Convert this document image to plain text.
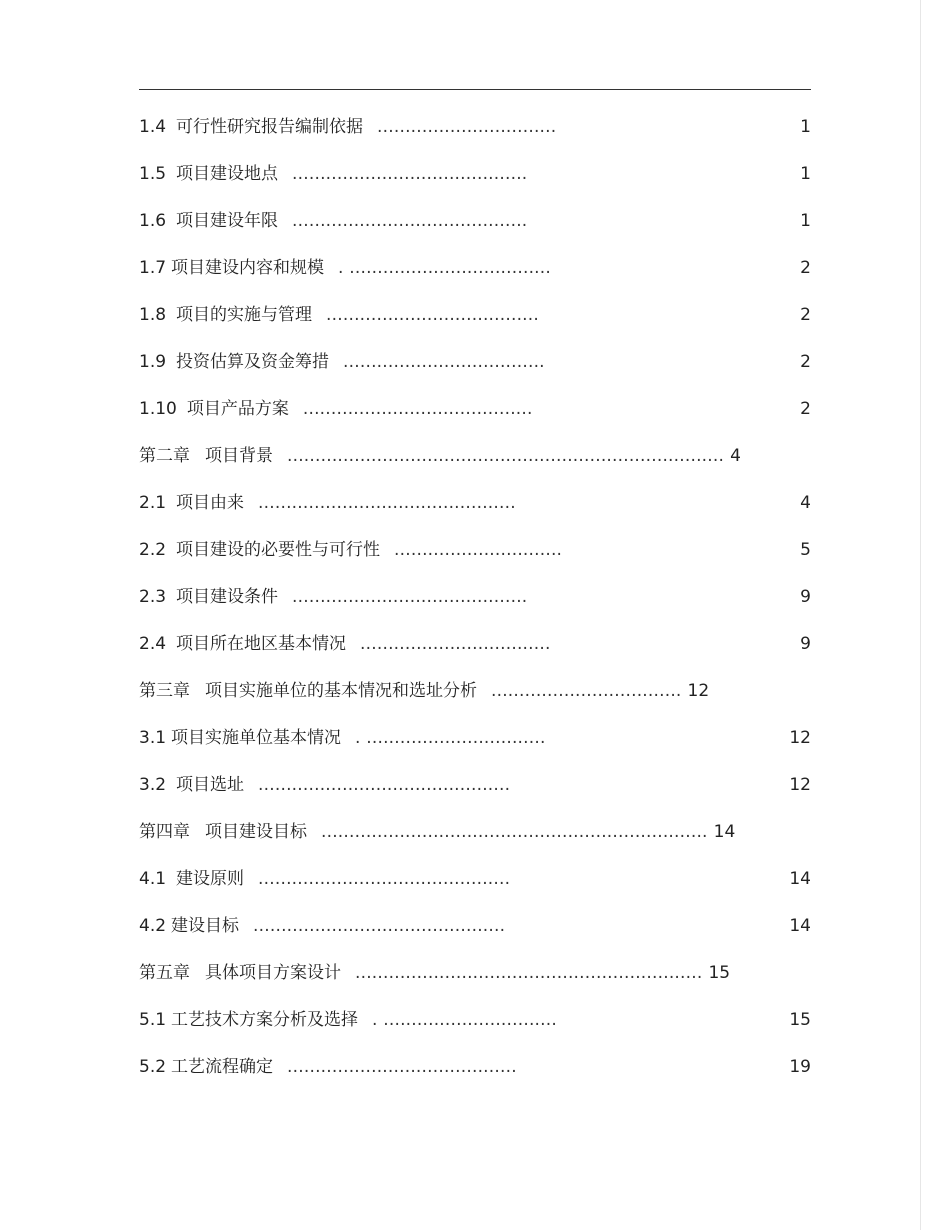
1.4 可行性研究报告编制依据 ................................	1
1.5 项目建设地点 ..........................................	1
1.6 项目建设年限 ..........................................	1
1.7 项目建设内容和规模 . ....................................	2
1.8 项目的实施与管理 ......................................	2
1.9 投资估算及资金筹措 ....................................	2
1.10 项目产品方案 .........................................	2
第二章 项目背景 .............................................................................. 4
2.1 项目由来 ..............................................	4
2.2 项目建设的必要性与可行性 ..............................	5
2.3 项目建设条件 ..........................................	9
2.4 项目所在地区基本情况 ..................................	9
第三章 项目实施单位的基本情况和选址分析 .................................. 12
3.1 项目实施单位基本情况 . ................................	12
3.2 项目选址 .............................................	12
第四章 项目建设目标 ..................................................................... 14
4.1 建设原则 .............................................	14
4.2 建设目标 .............................................	14
第五章 具体项目方案设计 .............................................................. 15
5.1 工艺技术方案分析及选择 . ...............................	15
5.2 工艺流程确定 .........................................	19
